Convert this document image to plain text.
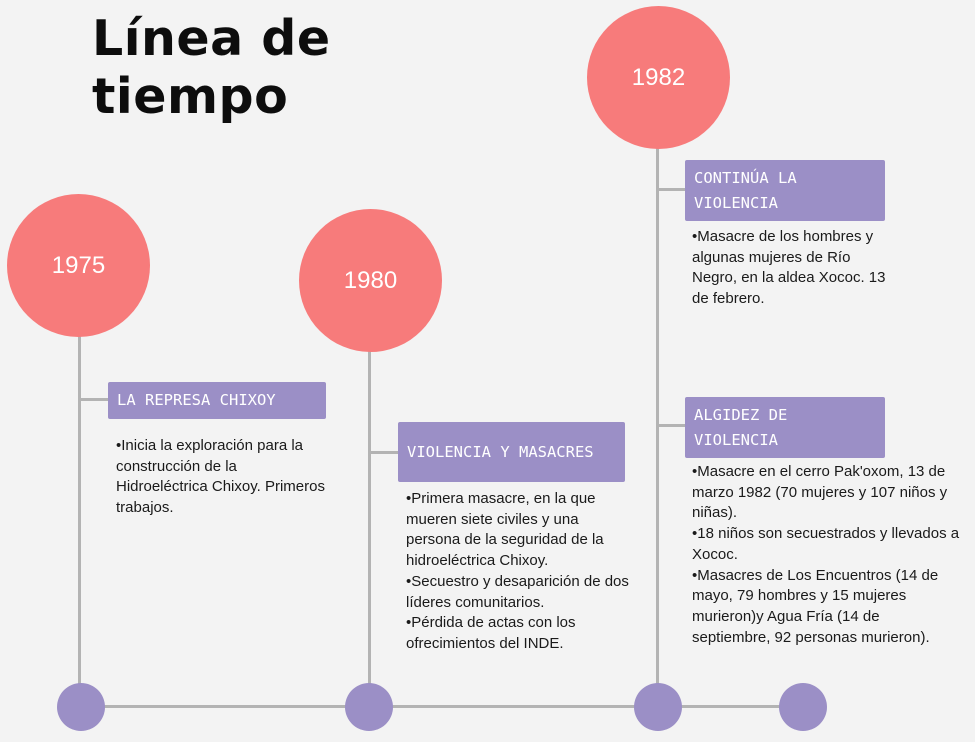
Línea de
tiempo
1975
1980
1982
LA REPRESA CHIXOY

•Inicia la exploración para la construcción de la Hidroeléctrica Chixoy. Primeros trabajos.

VIOLENCIA Y MASACRES

•Primera masacre, en la que mueren siete civiles y una persona de la seguridad de la hidroeléctrica Chixoy.
•Secuestro y desaparición de dos líderes comunitarios.
•Pérdida de actas con los ofrecimientos del INDE.

CONTINÚA LA VIOLENCIA

•Masacre de los hombres y algunas mujeres de Río Negro, en la aldea Xococ. 13 de febrero.

ALGIDEZ DE VIOLENCIA

•Masacre en el cerro Pak'oxom, 13 de marzo 1982 (70 mujeres y 107 niños y niñas).
•18 niños son secuestrados y llevados a Xococ.
•Masacres de Los Encuentros (14 de mayo, 79 hombres y 15 mujeres murieron)y Agua Fría (14 de septiembre, 92 personas murieron).
